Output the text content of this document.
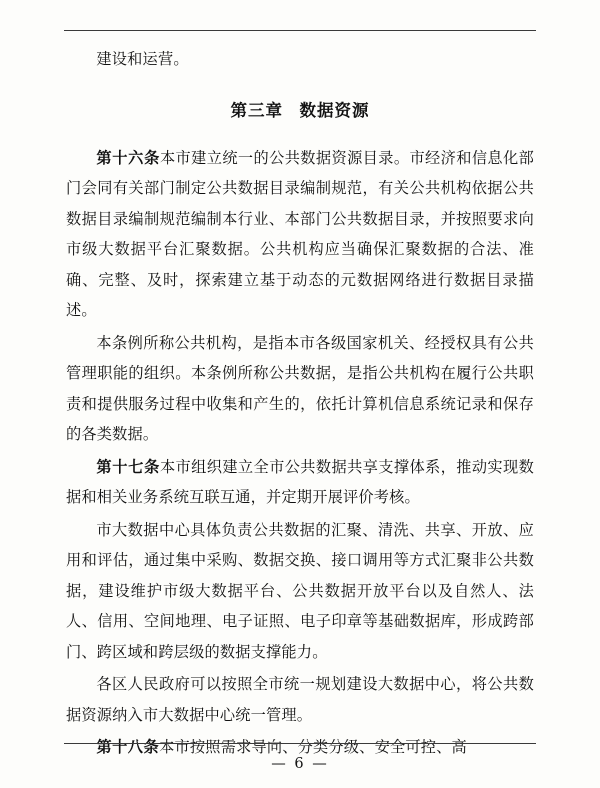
建设和运营。

第三章 数据资源

第十六条本市建立统一的公共数据资源目录。市经济和信息化部门会同有关部门制定公共数据目录编制规范，有关公共机构依据公共数据目录编制规范编制本行业、本部门公共数据目录，并按照要求向市级大数据平台汇聚数据。公共机构应当确保汇聚数据的合法、准确、完整、及时，探索建立基于动态的元数据网络进行数据目录描述。

本条例所称公共机构，是指本市各级国家机关、经授权具有公共管理职能的组织。本条例所称公共数据，是指公共机构在履行公共职责和提供服务过程中收集和产生的，依托计算机信息系统记录和保存的各类数据。

第十七条本市组织建立全市公共数据共享支撑体系，推动实现数据和相关业务系统互联互通，并定期开展评价考核。

市大数据中心具体负责公共数据的汇聚、清洗、共享、开放、应用和评估，通过集中采购、数据交换、接口调用等方式汇聚非公共数据，建设维护市级大数据平台、公共数据开放平台以及自然人、法人、信用、空间地理、电子证照、电子印章等基础数据库，形成跨部门、跨区域和跨层级的数据支撑能力。

各区人民政府可以按照全市统一规划建设大数据中心，将公共数据资源纳入市大数据中心统一管理。

第十八条本市按照需求导向、分类分级、安全可控、高

— 6 —
